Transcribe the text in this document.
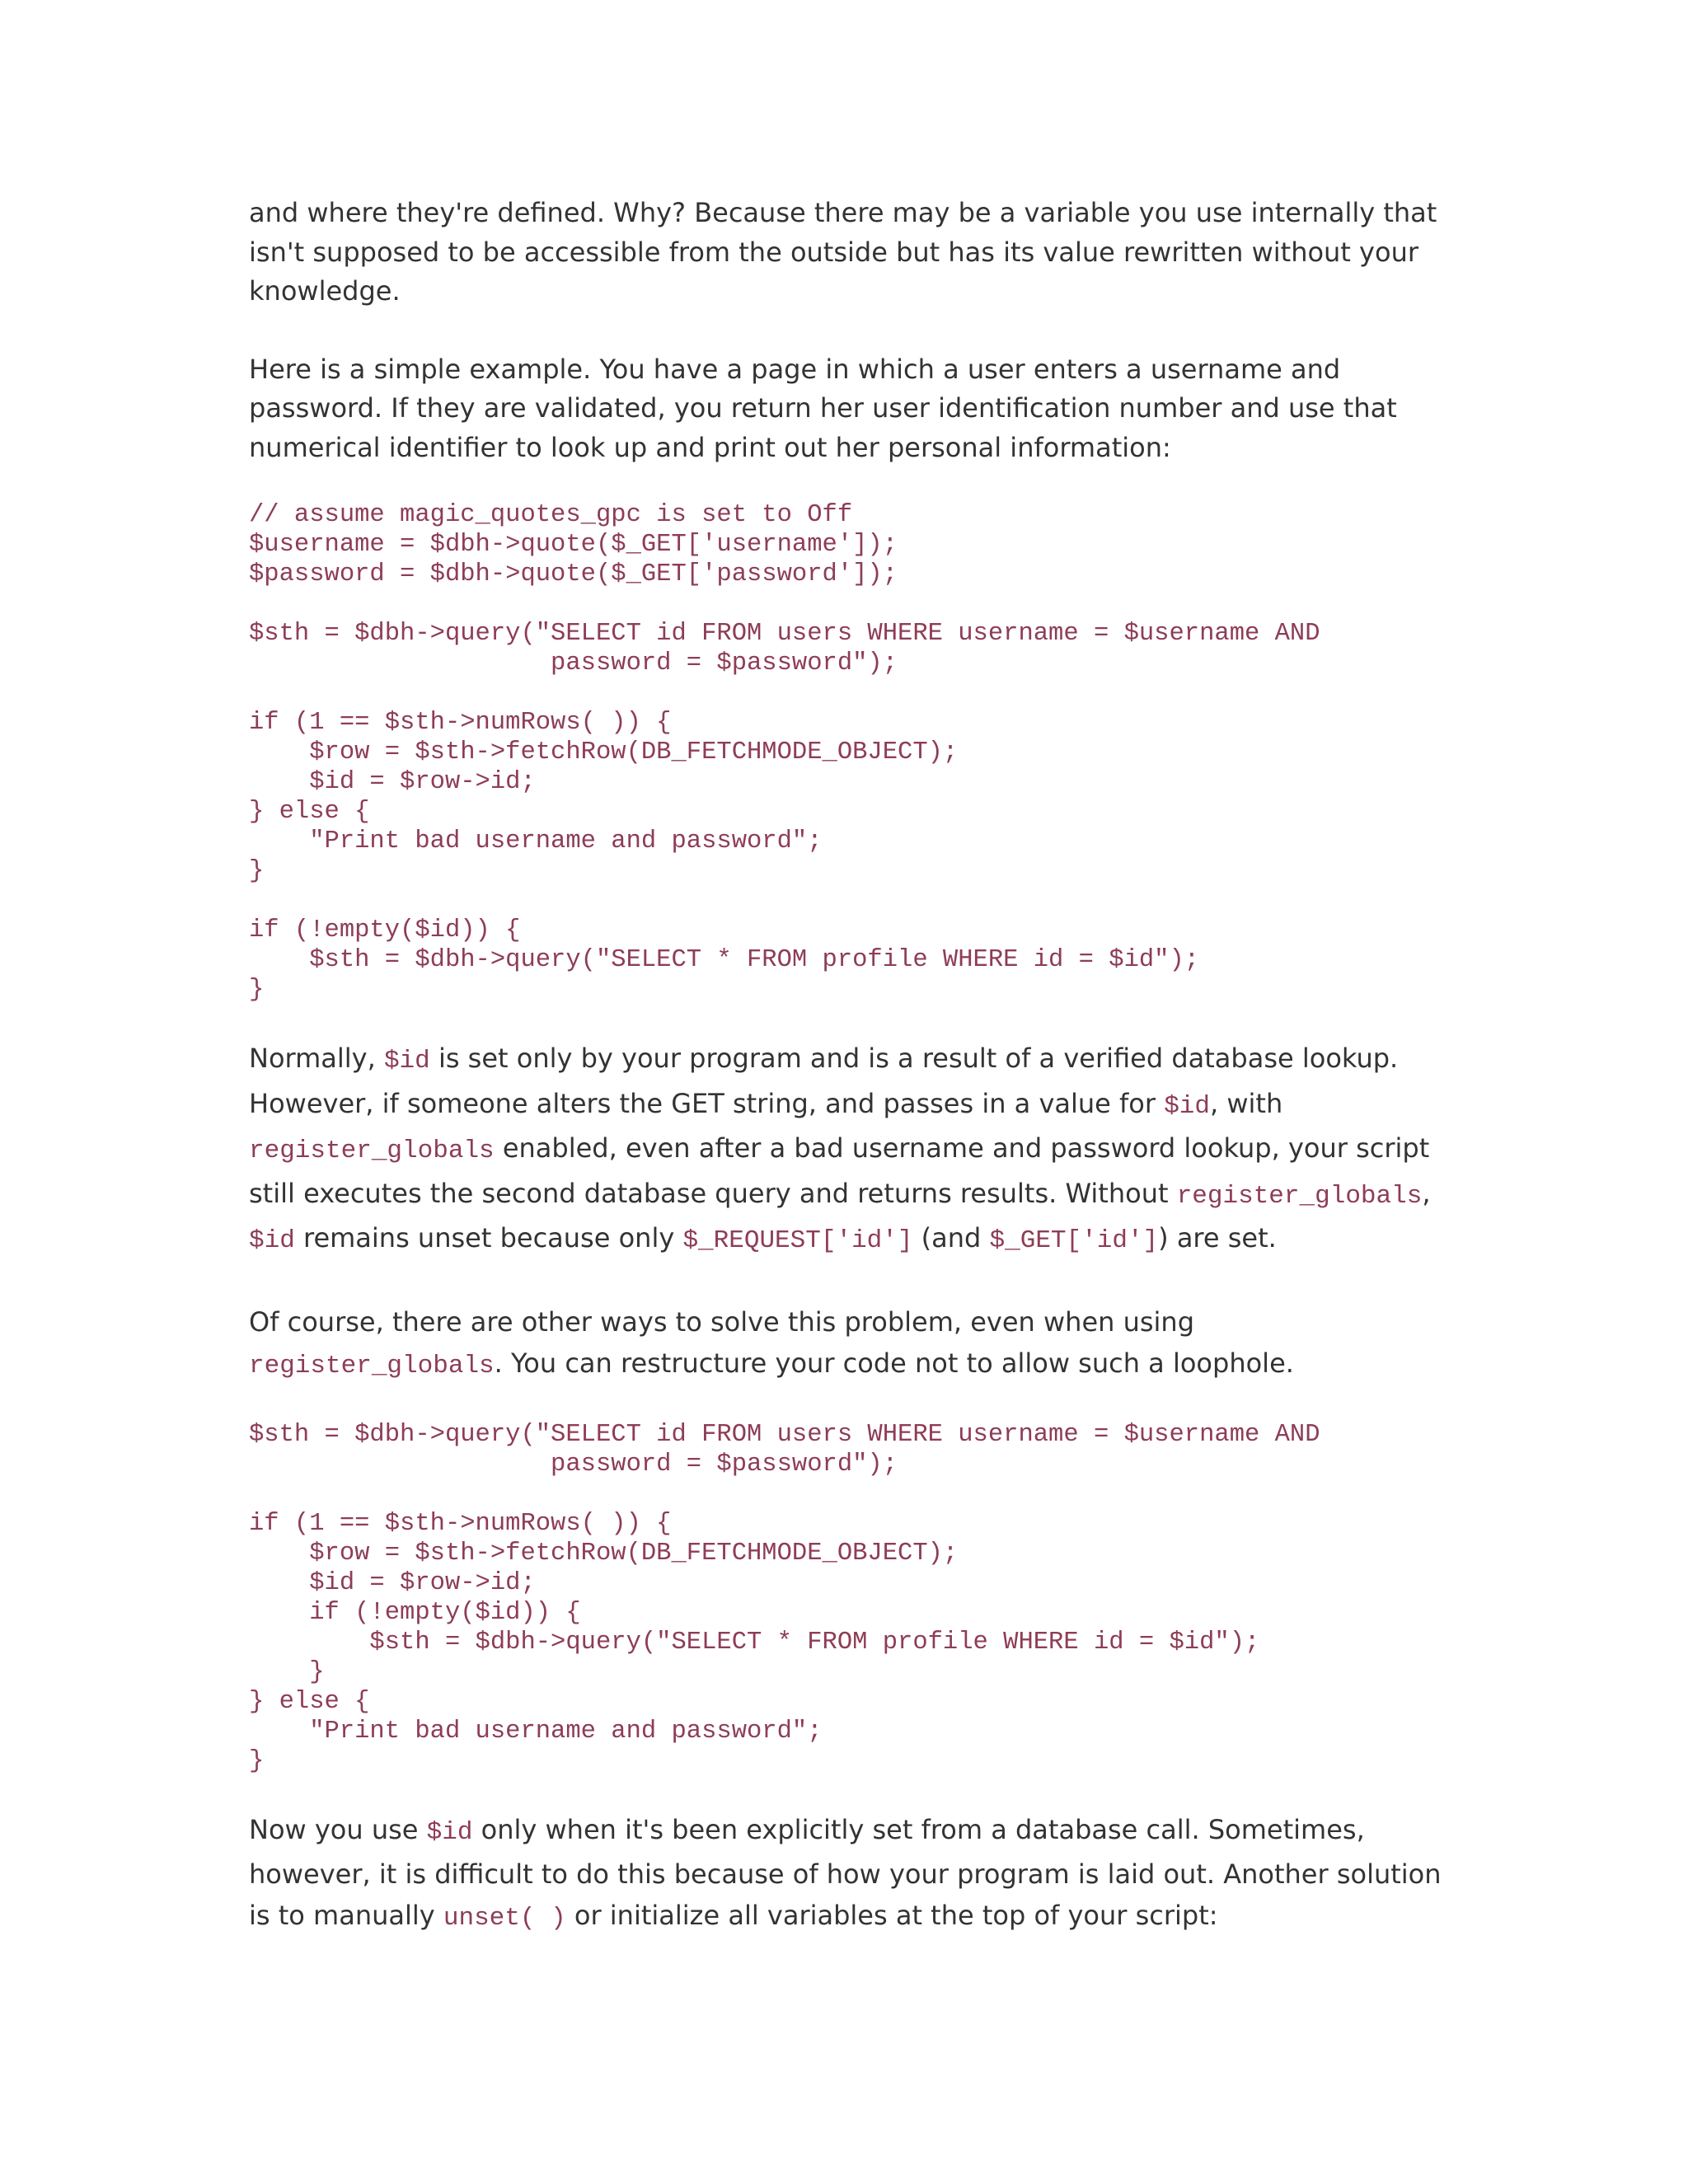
and where they're defined. Why? Because there may be a variable you use internally that isn't supposed to be accessible from the outside but has its value rewritten without your knowledge.

Here is a simple example. You have a page in which a user enters a username and password. If they are validated, you return her user identification number and use that numerical identifier to look up and print out her personal information:

// assume magic_quotes_gpc is set to Off
$username = $dbh->quote($_GET['username']);
$password = $dbh->quote($_GET['password']);

$sth = $dbh->query("SELECT id FROM users WHERE username = $username AND
password = $password");

if (1 == $sth->numRows( )) {
$row = $sth->fetchRow(DB_FETCHMODE_OBJECT);
$id = $row->id;
} else {
"Print bad username and password";
}

if (!empty($id)) {
$sth = $dbh->query("SELECT * FROM profile WHERE id = $id");
}

Normally, $id is set only by your program and is a result of a verified database lookup. However, if someone alters the GET string, and passes in a value for $id, with register_globals enabled, even after a bad username and password lookup, your script still executes the second database query and returns results. Without register_globals, $id remains unset because only $_REQUEST['id'] (and $_GET['id']) are set.

Of course, there are other ways to solve this problem, even when using register_globals. You can restructure your code not to allow such a loophole.

$sth = $dbh->query("SELECT id FROM users WHERE username = $username AND
password = $password");

if (1 == $sth->numRows( )) {
$row = $sth->fetchRow(DB_FETCHMODE_OBJECT);
$id = $row->id;
if (!empty($id)) {
$sth = $dbh->query("SELECT * FROM profile WHERE id = $id");
}
} else {
"Print bad username and password";
}

Now you use $id only when it's been explicitly set from a database call. Sometimes, however, it is difficult to do this because of how your program is laid out. Another solution is to manually unset( ) or initialize all variables at the top of your script:
